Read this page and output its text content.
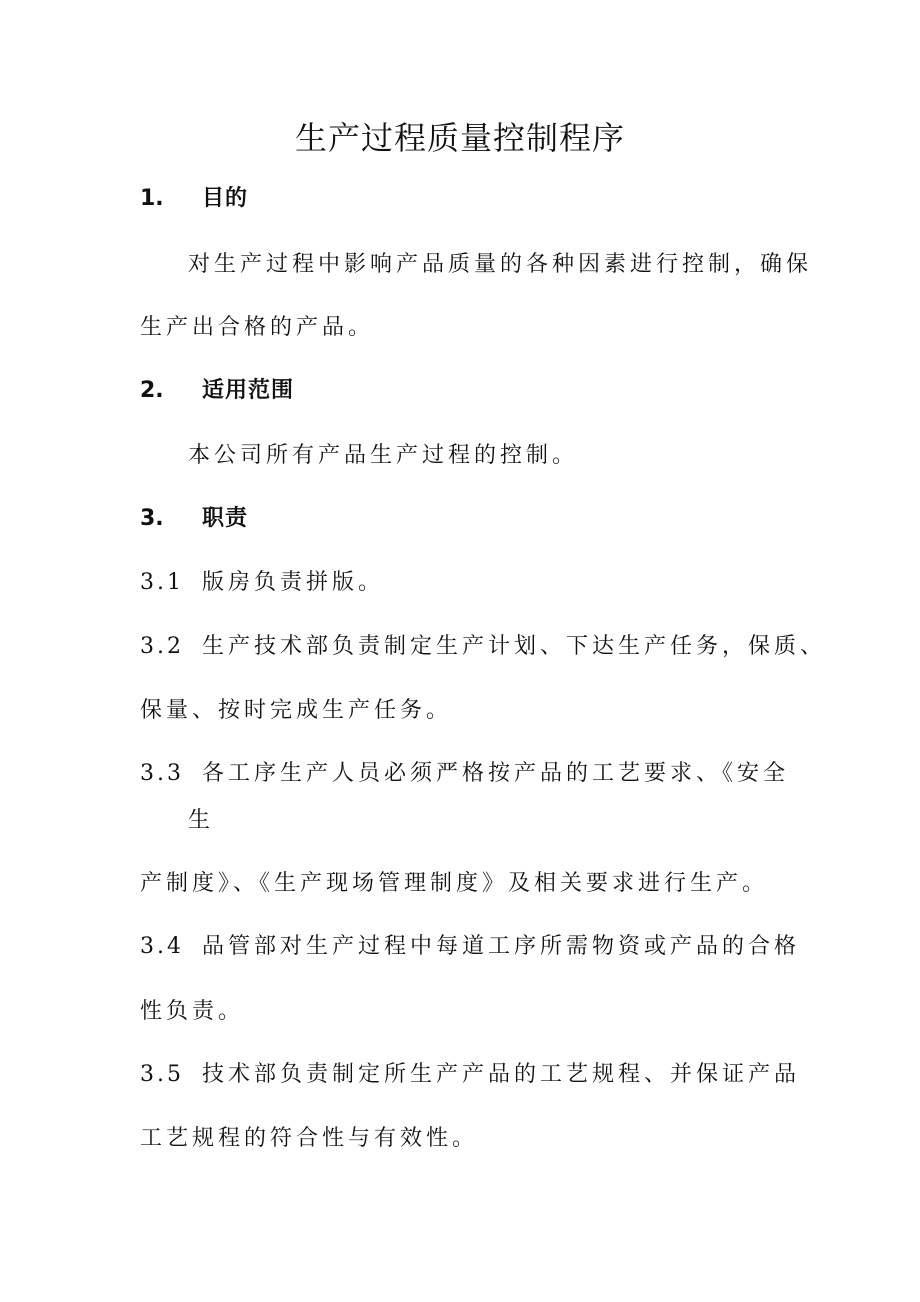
生产过程质量控制程序
1. 目的
对生产过程中影响产品质量的各种因素进行控制，确保
生产出合格的产品。
2. 适用范围
本公司所有产品生产过程的控制。
3. 职责
3.1 版房负责拼版。
3.2 生产技术部负责制定生产计划、下达生产任务，保质、
保量、按时完成生产任务。
3.3 各工序生产人员必须严格按产品的工艺要求、《安全
生
产制度》、《生产现场管理制度》及相关要求进行生产。
3.4 品管部对生产过程中每道工序所需物资或产品的合格
性负责。
3.5 技术部负责制定所生产产品的工艺规程、并保证产品
工艺规程的符合性与有效性。
